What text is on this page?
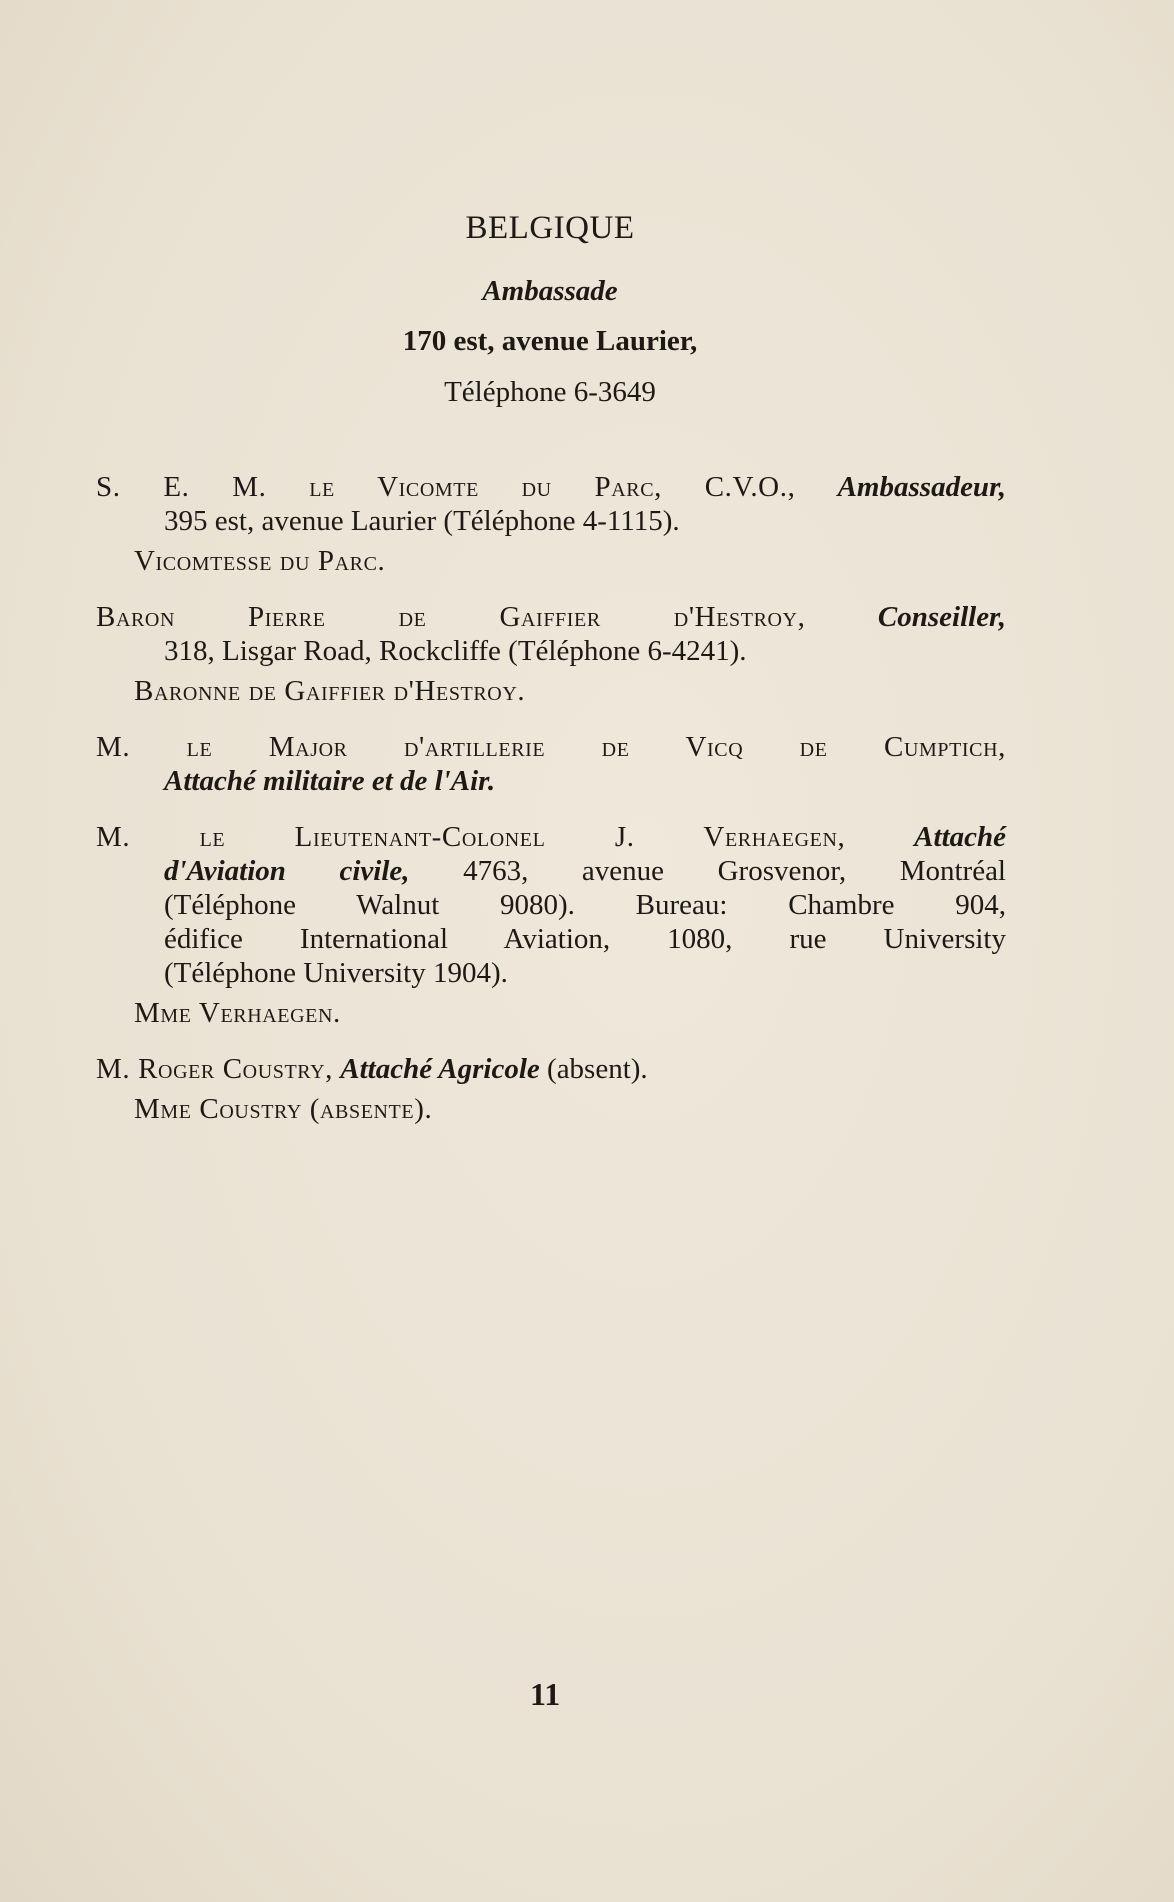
BELGIQUE
Ambassade
170 est, avenue Laurier,
Téléphone 6-3649
S. E. M. le Vicomte du Parc, C.V.O., Ambassadeur,
395 est, avenue Laurier (Téléphone 4-1115).
Vicomtesse du Parc.
Baron Pierre de Gaiffier d'Hestroy, Conseiller,
318, Lisgar Road, Rockcliffe (Téléphone 6-4241).
Baronne de Gaiffier d'Hestroy.
M. le Major d'artillerie de Vicq de Cumptich,
Attaché militaire et de l'Air.
M. le Lieutenant-Colonel J. Verhaegen, Attaché
d'Aviation civile, 4763, avenue Grosvenor, Montréal
(Téléphone Walnut 9080). Bureau: Chambre 904,
édifice International Aviation, 1080, rue University
(Téléphone University 1904).
Mme Verhaegen.
M. Roger Coustry, Attaché Agricole (absent).
Mme Coustry (absente).
11
